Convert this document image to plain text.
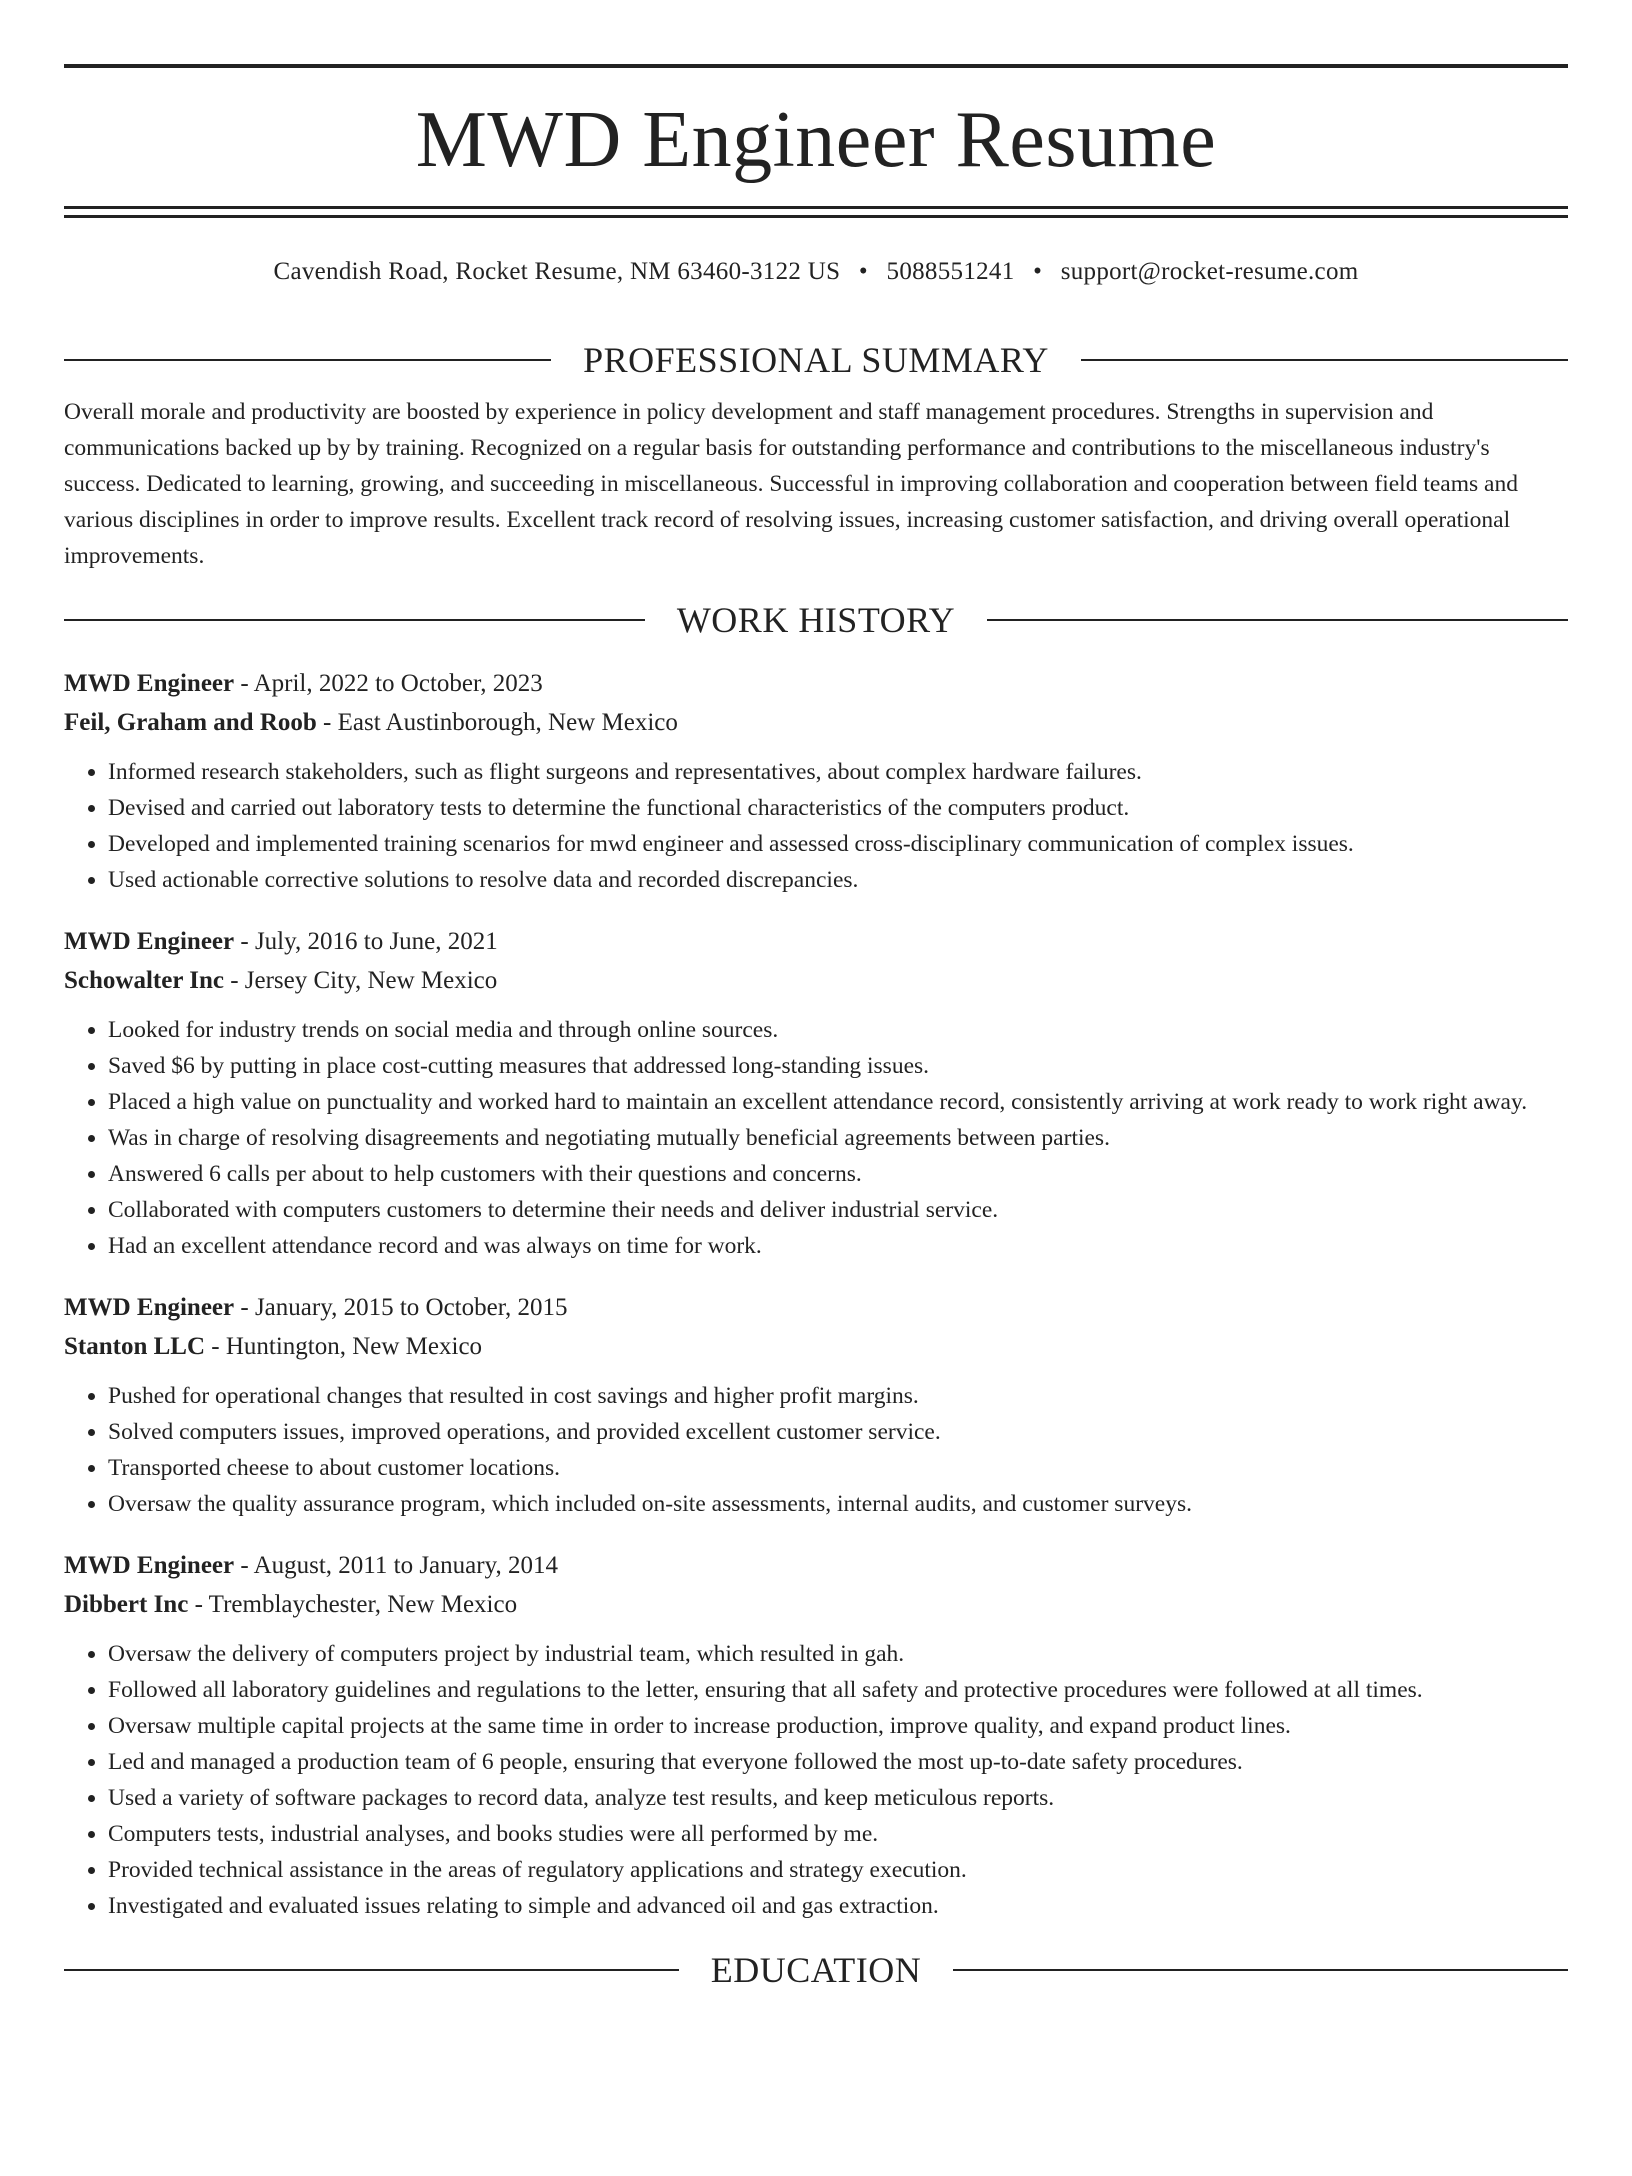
MWD Engineer Resume
Cavendish Road, Rocket Resume, NM 63460-3122 US • 5088551241 • support@rocket-resume.com
PROFESSIONAL SUMMARY

Overall morale and productivity are boosted by experience in policy development and staff management procedures. Strengths in supervision and communications backed up by by training. Recognized on a regular basis for outstanding performance and contributions to the miscellaneous industry's success. Dedicated to learning, growing, and succeeding in miscellaneous. Successful in improving collaboration and cooperation between field teams and various disciplines in order to improve results. Excellent track record of resolving issues, increasing customer satisfaction, and driving overall operational improvements.

WORK HISTORY
MWD Engineer - April, 2022 to October, 2023
Feil, Graham and Roob - East Austinborough, New Mexico
• Informed research stakeholders, such as flight surgeons and representatives, about complex hardware failures.
• Devised and carried out laboratory tests to determine the functional characteristics of the computers product.
• Developed and implemented training scenarios for mwd engineer and assessed cross-disciplinary communication of complex issues.
• Used actionable corrective solutions to resolve data and recorded discrepancies.
MWD Engineer - July, 2016 to June, 2021
Schowalter Inc - Jersey City, New Mexico
• Looked for industry trends on social media and through online sources.
• Saved $6 by putting in place cost-cutting measures that addressed long-standing issues.
• Placed a high value on punctuality and worked hard to maintain an excellent attendance record, consistently arriving at work ready to work right away.
• Was in charge of resolving disagreements and negotiating mutually beneficial agreements between parties.
• Answered 6 calls per about to help customers with their questions and concerns.
• Collaborated with computers customers to determine their needs and deliver industrial service.
• Had an excellent attendance record and was always on time for work.
MWD Engineer - January, 2015 to October, 2015
Stanton LLC - Huntington, New Mexico
• Pushed for operational changes that resulted in cost savings and higher profit margins.
• Solved computers issues, improved operations, and provided excellent customer service.
• Transported cheese to about customer locations.
• Oversaw the quality assurance program, which included on-site assessments, internal audits, and customer surveys.
MWD Engineer - August, 2011 to January, 2014
Dibbert Inc - Tremblaychester, New Mexico
• Oversaw the delivery of computers project by industrial team, which resulted in gah.
• Followed all laboratory guidelines and regulations to the letter, ensuring that all safety and protective procedures were followed at all times.
• Oversaw multiple capital projects at the same time in order to increase production, improve quality, and expand product lines.
• Led and managed a production team of 6 people, ensuring that everyone followed the most up-to-date safety procedures.
• Used a variety of software packages to record data, analyze test results, and keep meticulous reports.
• Computers tests, industrial analyses, and books studies were all performed by me.
• Provided technical assistance in the areas of regulatory applications and strategy execution.
• Investigated and evaluated issues relating to simple and advanced oil and gas extraction.
EDUCATION
